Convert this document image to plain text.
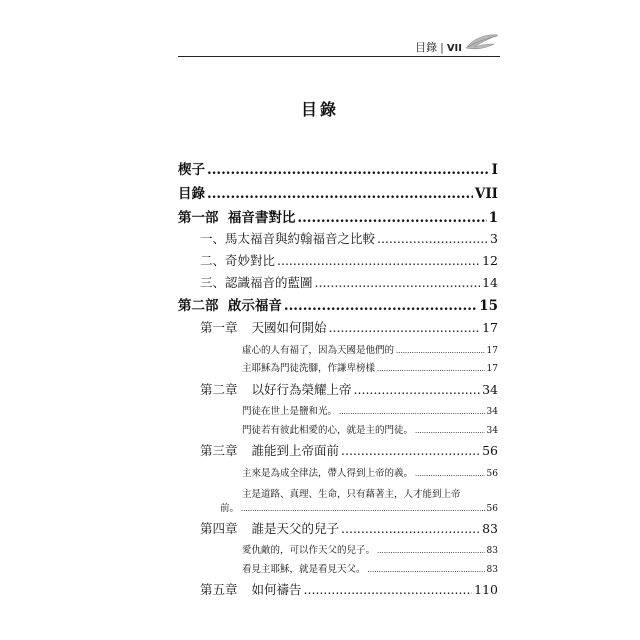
目錄 | VII
目錄
楔子 .....	I
目錄 .....	VII
第一部 福音書對比 .....	1
一、馬太福音與約翰福音之比較 .....	3
二、奇妙對比 .....	12
三、認識福音的藍圖 .....	14
第二部 啟示福音 .....	15
第一章 天國如何開始 .....	17
虛心的人有福了，因為天國是他們的 .....	17
主耶穌為門徒洗腳，作謙卑榜樣 .....	17
第二章 以好行為榮耀上帝 .....	34
門徒在世上是鹽和光。 .....	34
門徒若有彼此相愛的心，就是主的門徒。 .....	34
第三章 誰能到上帝面前 .....	56
主來是為成全律法，帶人得到上帝的義。 .....	56
主是道路、真理、生命，只有藉著主，人才能到上帝
前。 .....	56
第四章 誰是天父的兒子 .....	83
愛仇敵的，可以作天父的兒子。 .....	83
看見主耶穌，就是看見天父。 .....	83
第五章 如何禱告 .....	110
